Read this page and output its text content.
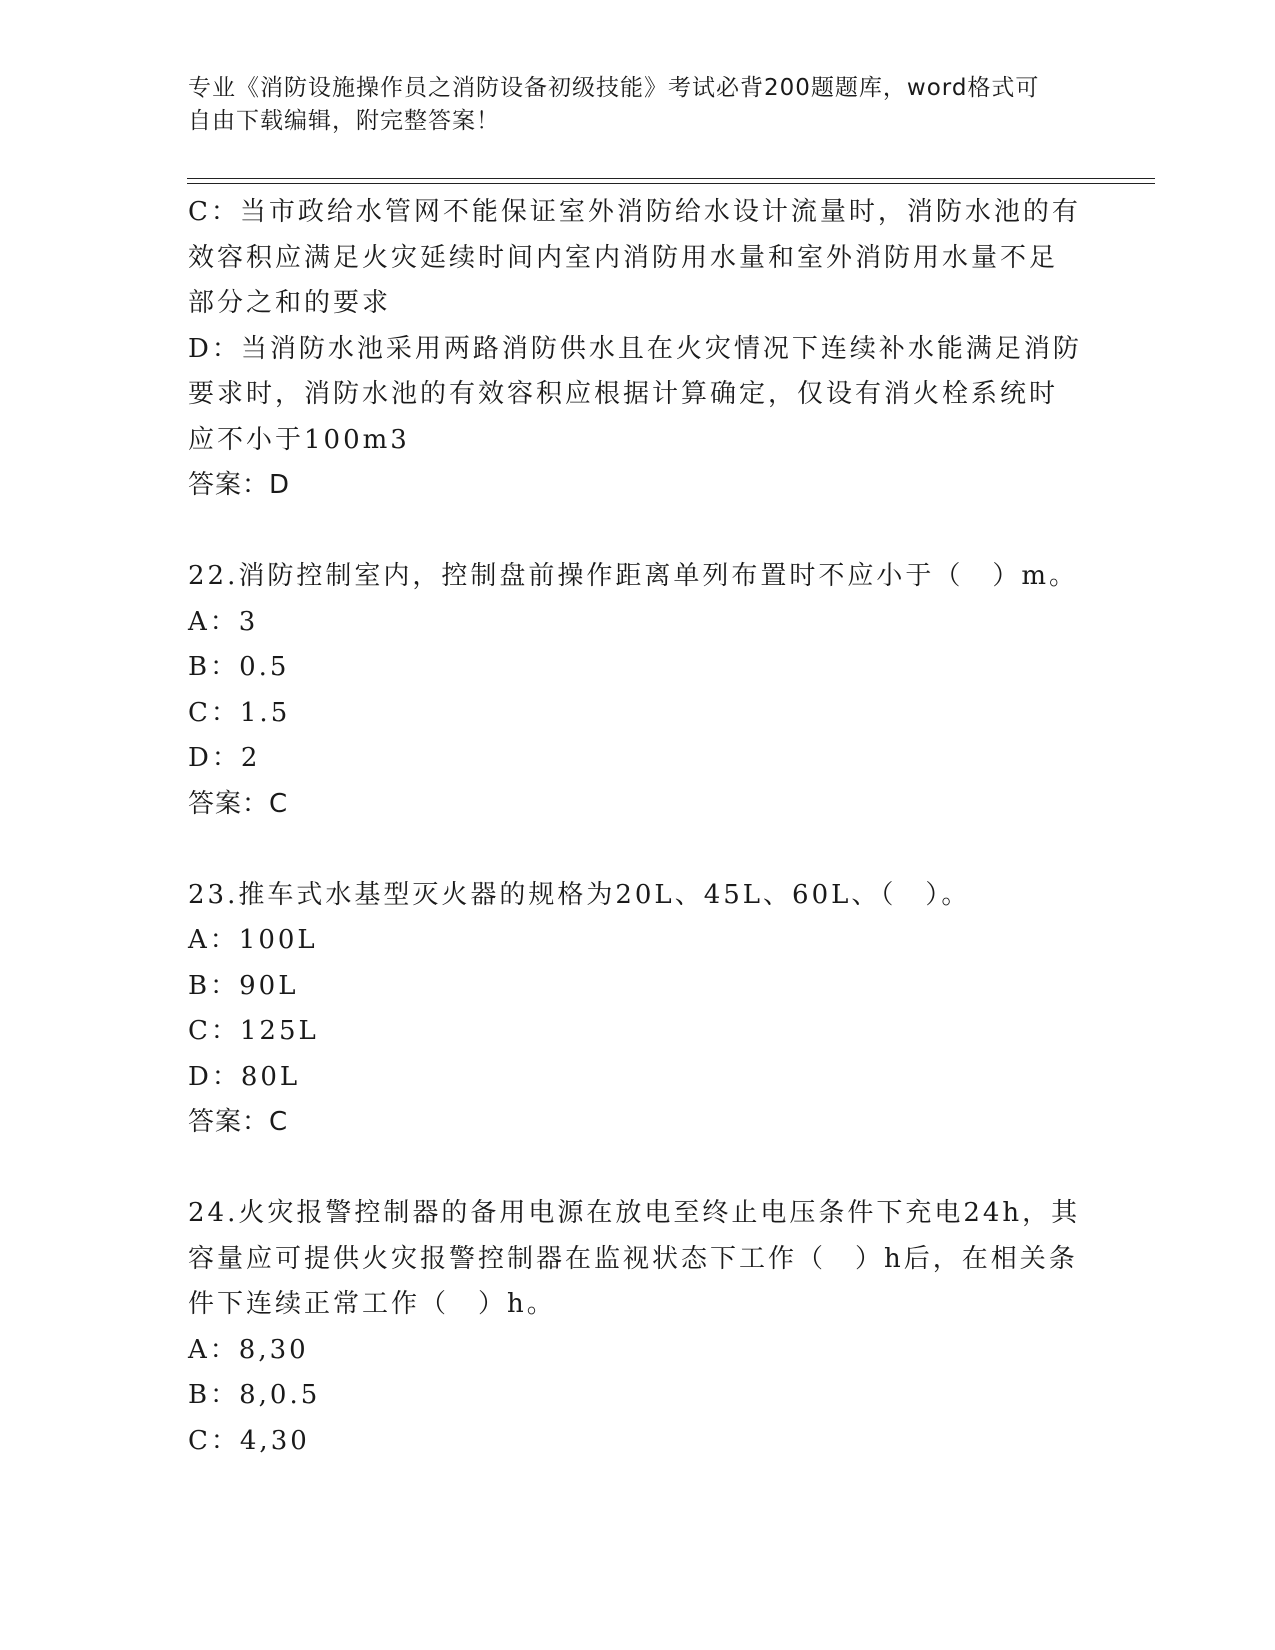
专业《消防设施操作员之消防设备初级技能》考试必背200题题库，word格式可
自由下载编辑，附完整答案！
C：当市政给水管网不能保证室外消防给水设计流量时，消防水池的有
效容积应满足火灾延续时间内室内消防用水量和室外消防用水量不足
部分之和的要求
D：当消防水池采用两路消防供水且在火灾情况下连续补水能满足消防
要求时，消防水池的有效容积应根据计算确定，仅设有消火栓系统时
应不小于100m3
答案：D
22.消防控制室内，控制盘前操作距离单列布置时不应小于（　）m。
A：3
B：0.5
C：1.5
D：2
答案：C
23.推车式水基型灭火器的规格为20L、45L、60L、（　）。
A：100L
B：90L
C：125L
D：80L
答案：C
24.火灾报警控制器的备用电源在放电至终止电压条件下充电24h，其
容量应可提供火灾报警控制器在监视状态下工作（　）h后，在相关条
件下连续正常工作（　）h。
A：8,30
B：8,0.5
C：4,30
